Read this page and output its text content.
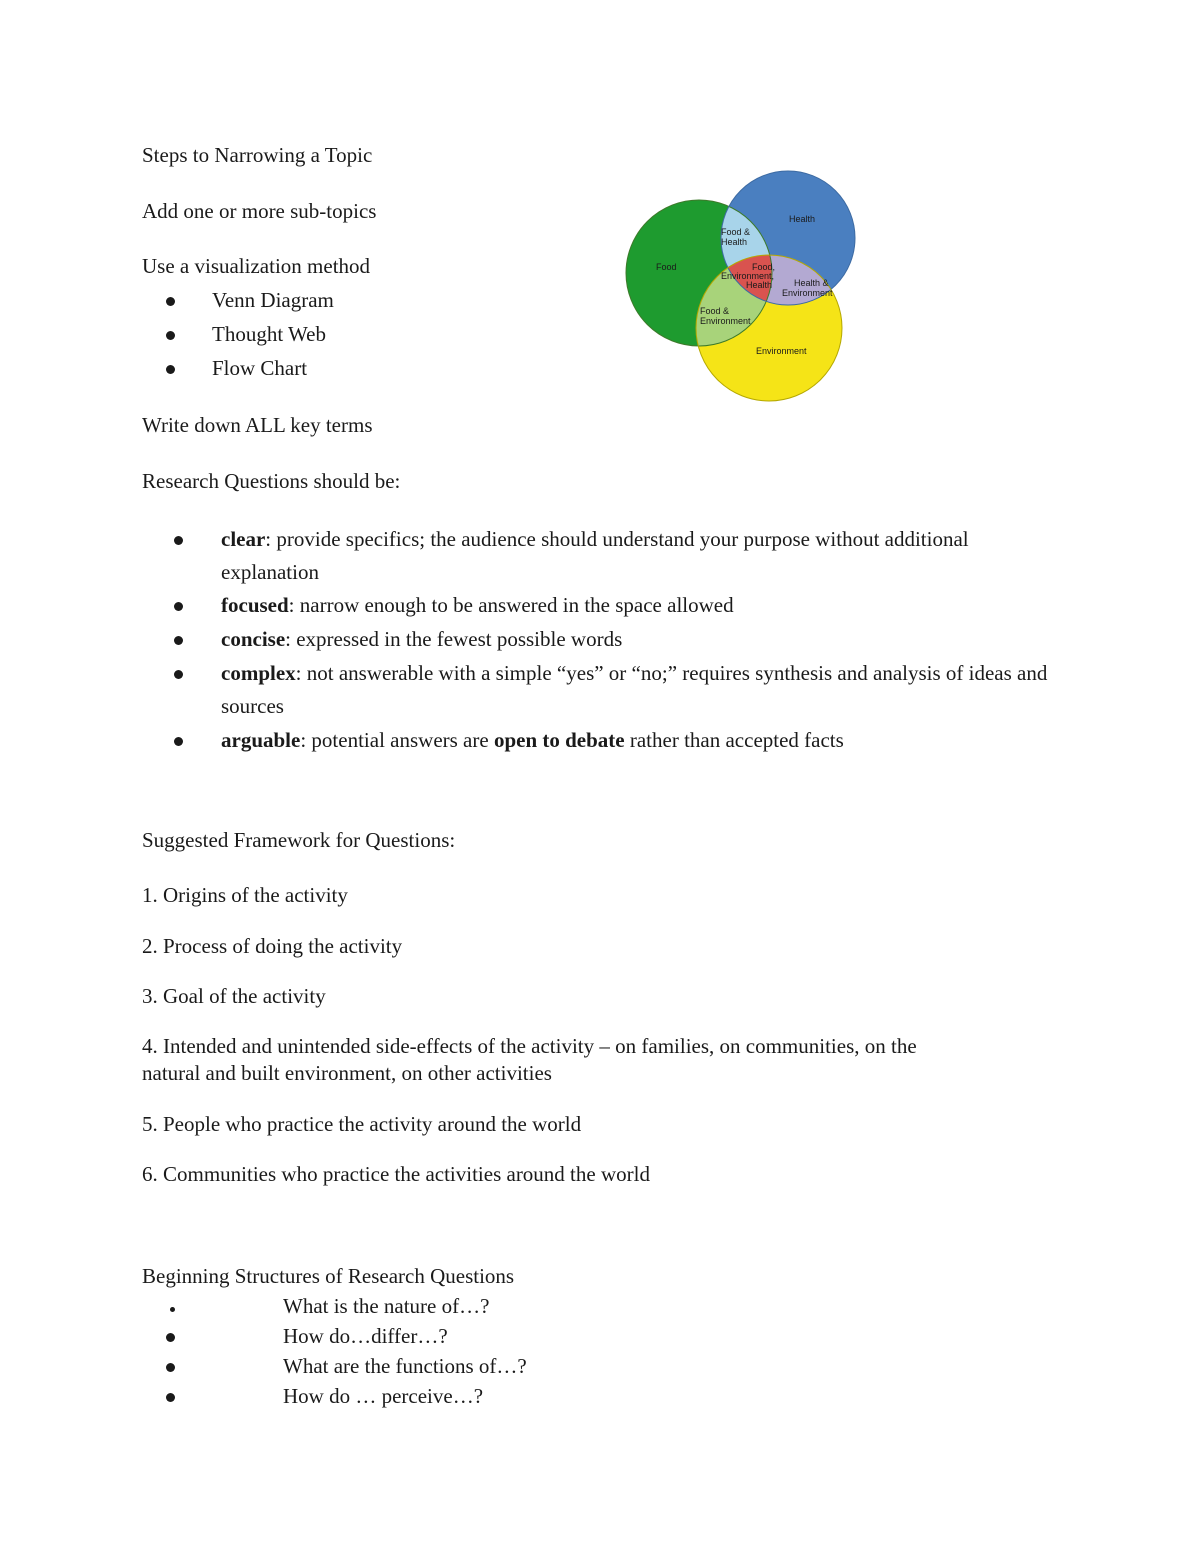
Steps to Narrowing a Topic
Add one or more sub-topics
Use a visualization method
Venn Diagram
Thought Web
Flow Chart
Write down ALL key terms
Research Questions should be:
clear: provide specifics; the audience should understand your purpose without additional explanation
focused: narrow enough to be answered in the space allowed
concise: expressed in the fewest possible words
complex: not answerable with a simple “yes” or “no;” requires synthesis and analysis of ideas and sources
arguable: potential answers are open to debate rather than accepted facts
Suggested Framework for Questions:
1. Origins of the activity
2. Process of doing the activity
3. Goal of the activity
4. Intended and unintended side-effects of the activity – on families, on communities, on the
natural and built environment, on other activities
5. People who practice the activity around the world
6. Communities who practice the activities around the world
Beginning Structures of Research Questions
What is the nature of…?
How do…differ…?
What are the functions of…?
How do … perceive…?
Food
Health
Environment
Food & Health
Food, Environment, Health	Health & Environment
Food & Environment
